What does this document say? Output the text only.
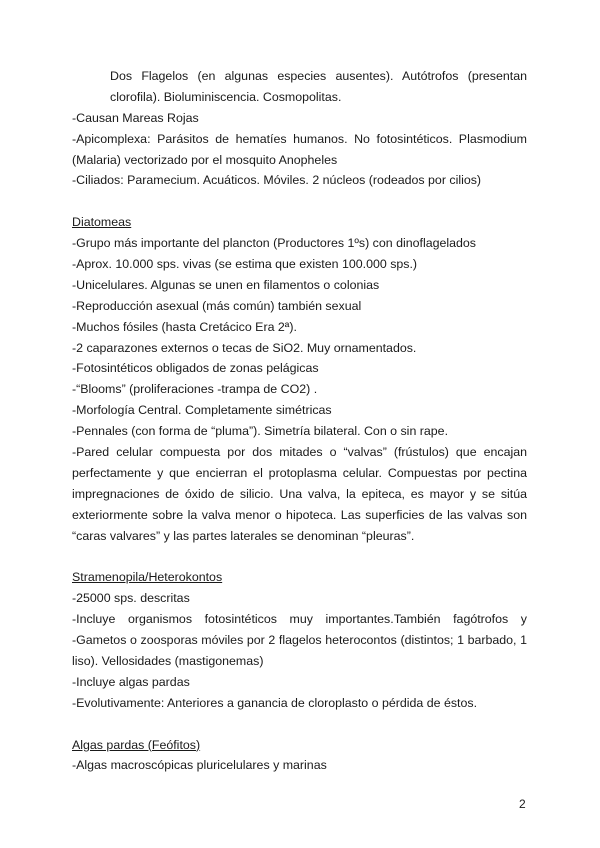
Dos Flagelos (en algunas especies ausentes). Autótrofos (presentan
clorofila). Bioluminiscencia. Cosmopolitas.
-Causan Mareas Rojas
-Apicomplexa: Parásitos de hematíes humanos. No fotosintéticos. Plasmodium
(Malaria) vectorizado por el mosquito Anopheles
-Ciliados: Paramecium. Acuáticos. Móviles. 2 núcleos (rodeados por cilios)
Diatomeas
-Grupo más importante del plancton (Productores 1ºs) con dinoflagelados
-Aprox. 10.000 sps. vivas (se estima que existen 100.000 sps.)
-Unicelulares. Algunas se unen en filamentos o colonias
-Reproducción asexual (más común) también sexual
-Muchos fósiles (hasta Cretácico Era 2ª).
-2 caparazones externos o tecas de SiO2. Muy ornamentados.
-Fotosintéticos obligados de zonas pelágicas
-“Blooms” (proliferaciones -trampa de CO2) .
-Morfología Central. Completamente simétricas
-Pennales (con forma de “pluma”). Simetría bilateral. Con o sin rape.
-Pared celular compuesta por dos mitades o “valvas” (frústulos) que encajan
perfectamente y que encierran el protoplasma celular. Compuestas por pectina
impregnaciones de óxido de silicio. Una valva, la epiteca, es mayor y se sitúa
exteriormente sobre la valva menor o hipoteca. Las superficies de las valvas son
“caras valvares” y las partes laterales se denominan “pleuras”.
Stramenopila/Heterokontos
-25000 sps. descritas
-Incluye organismos fotosintéticos muy importantes.También fagótrofos y
-Gametos o zoosporas móviles por 2 flagelos heterocontos (distintos; 1 barbado, 1
liso). Vellosidades (mastigonemas)
-Incluye algas pardas
-Evolutivamente: Anteriores a ganancia de cloroplasto o pérdida de éstos.
Algas pardas (Feófitos)
-Algas macroscópicas pluricelulares y marinas
2
